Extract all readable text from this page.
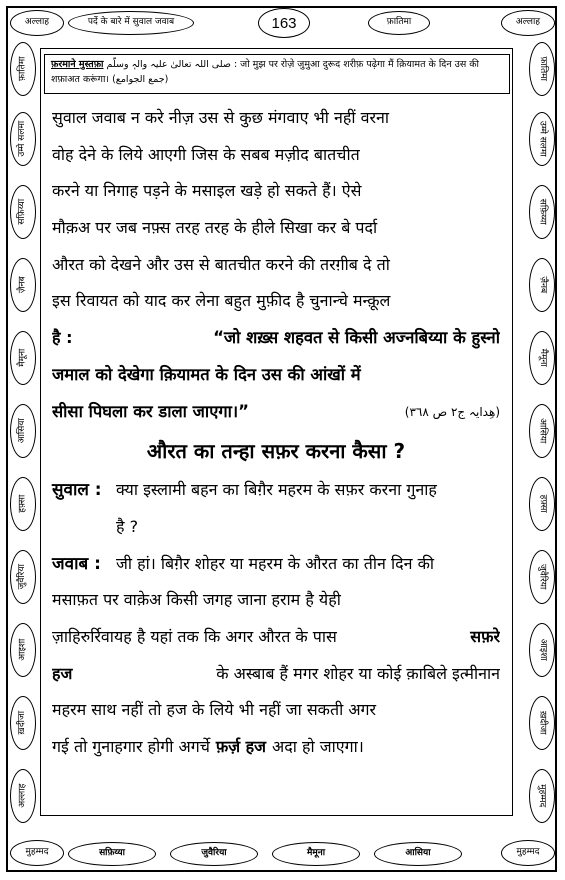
अल्लाह	पर्दे के बारे में सुवाल जवाब	163	फ़ातिमा	अल्लाह
फ़ातिमा
उम्मे सलमा
सफ़िय्या
ज़ैनब
मैमूना
आसिया
हफ़्सा
जुवैरिया
आइशा
ख़दीजा
अल्लाह
फ़ातिमा
उम्मे सलमा
सफ़िय्या
ज़ैनब
मैमूना
आसिया
हफ़्सा
जुवैरिया
आइशा
ख़दीजा
मुहम्मद
फ़रमाने मुस्तफ़ा صلی اللہ تعالیٰ علیہ والہٖ وسلّم : जो मुझ पर रोज़े जुमुआ दुरूद शरीफ़ पढ़ेगा मैं क़ियामत के दिन उस की
शफ़ाअत करूंगा। (جمع الجوامع)
सुवाल जवाब न करे नीज़ उस से कुछ मंगवाए भी नहीं वरना
वोह देने के लिये आएगी जिस के सबब मज़ीद बातचीत
करने या निगाह पड़ने के मसाइल खड़े हो सकते हैं। ऐसे
मौक़अ पर जब नफ़्स तरह तरह के हीले सिखा कर बे पर्दा
औरत को देखने और उस से बातचीत करने की तरग़ीब दे तो
इस रिवायत को याद कर लेना बहुत मुफ़ीद है चुनान्चे मन्क़ूल
है :	“जो शख़्स शहवत से किसी अज्नबिय्या के हुस्नो
जमाल को देखेगा क़ियामत के दिन उस की आंखों में
सीसा पिघला कर डाला जाएगा।”	(ھِدایہ ج۲ ص ٣٦٨)
औरत का तन्हा सफ़र करना कैसा ?
सुवाल : क्या इस्लामी बहन का बिग़ैर महरम के सफ़र करना गुनाह
है ?
जवाब : जी हां। बिग़ैर शोहर या महरम के औरत का तीन दिन की
मसाफ़त पर वाक़ेअ किसी जगह जाना हराम है येही
ज़ाहिरुर्रिवायह है यहां तक कि अगर औरत के पास	सफ़रे
हज	के अस्बाब हैं मगर शोहर या कोई क़ाबिले इत्मीनान
महरम साथ नहीं तो हज के लिये भी नहीं जा सकती अगर
गई तो गुनाहगार होगी अगर्चे फ़र्ज़ हज अदा हो जाएगा।
मुहम्मद	सफ़िय्या	जुवैरिया	मैमूना	आसिया	मुहम्मद
